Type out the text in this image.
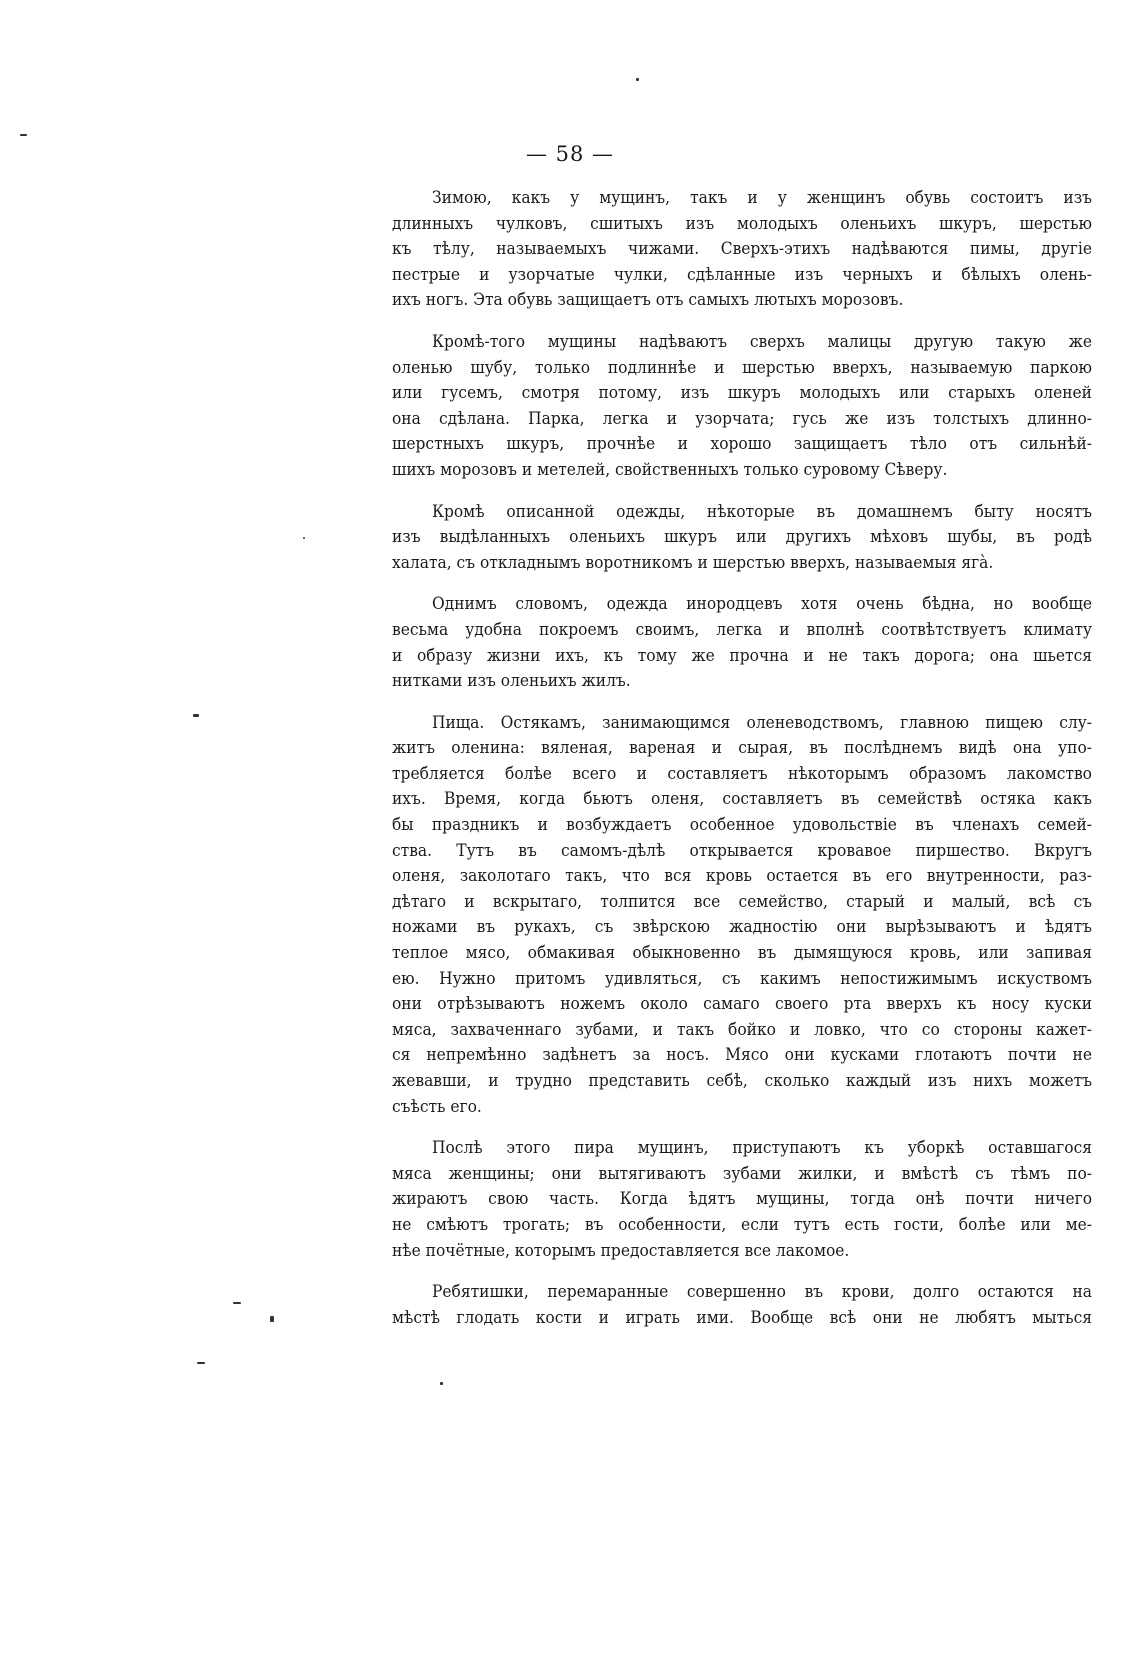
— 58 —
Зимою, какъ у мущинъ, такъ и у женщинъ обувь состоитъ изъ
длинныхъ чулковъ, сшитыхъ изъ молодыхъ оленьихъ шкуръ, шерстью
къ тѣлу, называемыхъ чижами. Сверхъ-этихъ надѣваются пимы, другіе
пестрые и узорчатые чулки, сдѣланные изъ черныхъ и бѣлыхъ олень-
ихъ ногъ. Эта обувь защищаетъ отъ самыхъ лютыхъ морозовъ.
Кромѣ-того мущины надѣваютъ сверхъ малицы другую такую же
оленью шубу, только подлиннѣе и шерстью вверхъ, называемую паркою
или гусемъ, смотря потому, изъ шкуръ молодыхъ или старыхъ оленей
она сдѣлана. Парка, легка и узорчата; гусь же изъ толстыхъ длинно-
шерстныхъ шкуръ, прочнѣе и хорошо защищаетъ тѣло отъ сильнѣй-
шихъ морозовъ и метелей, свойственныхъ только суровому Сѣверу.
Кромѣ описанной одежды, нѣкоторые въ домашнемъ быту носятъ
изъ выдѣланныхъ оленьихъ шкуръ или другихъ мѣховъ шубы, въ родѣ
халата, съ откладнымъ воротникомъ и шерстью вверхъ, называемыя ягà.
Однимъ словомъ, одежда инородцевъ хотя очень бѣдна, но вообще
весьма удобна покроемъ своимъ, легка и вполнѣ соотвѣтствуетъ климату
и образу жизни ихъ, къ тому же прочна и не такъ дорога; она шьется
нитками изъ оленьихъ жилъ.
Пища. Остякамъ, занимающимся оленеводствомъ, главною пищею слу-
житъ оленина: вяленая, вареная и сырая, въ послѣднемъ видѣ она упо-
требляется болѣе всего и составляетъ нѣкоторымъ образомъ лакомство
ихъ. Время, когда бьютъ оленя, составляетъ въ семействѣ остяка какъ
бы праздникъ и возбуждаетъ особенное удовольствіе въ членахъ семей-
ства. Тутъ въ самомъ-дѣлѣ открывается кровавое пиршество. Вкругъ
оленя, заколотаго такъ, что вся кровь остается въ его внутренности, раз-
дѣтаго и вскрытаго, толпится все семейство, старый и малый, всѣ съ
ножами въ рукахъ, съ звѣрскою жадностію они вырѣзываютъ и ѣдятъ
теплое мясо, обмакивая обыкновенно въ дымящуюся кровь, или запивая
ею. Нужно притомъ удивляться, съ какимъ непостижимымъ искуствомъ
они отрѣзываютъ ножемъ около самаго своего рта вверхъ къ носу куски
мяса, захваченнаго зубами, и такъ бойко и ловко, что со стороны кажет-
ся непремѣнно задѣнетъ за носъ. Мясо они кусками глотаютъ почти не
жевавши, и трудно представить себѣ, сколько каждый изъ нихъ можетъ
съѣсть его.
Послѣ этого пира мущинъ, приступаютъ къ уборкѣ оставшагося
мяса женщины; они вытягиваютъ зубами жилки, и вмѣстѣ съ тѣмъ по-
жираютъ свою часть. Когда ѣдятъ мущины, тогда онѣ почти ничего
не смѣютъ трогать; въ особенности, если тутъ есть гости, болѣе или ме-
нѣе почётные, которымъ предоставляется все лакомое.
Ребятишки, перемаранные совершенно въ крови, долго остаются на
мѣстѣ глодать кости и играть ими. Вообще всѣ они не любятъ мыться
